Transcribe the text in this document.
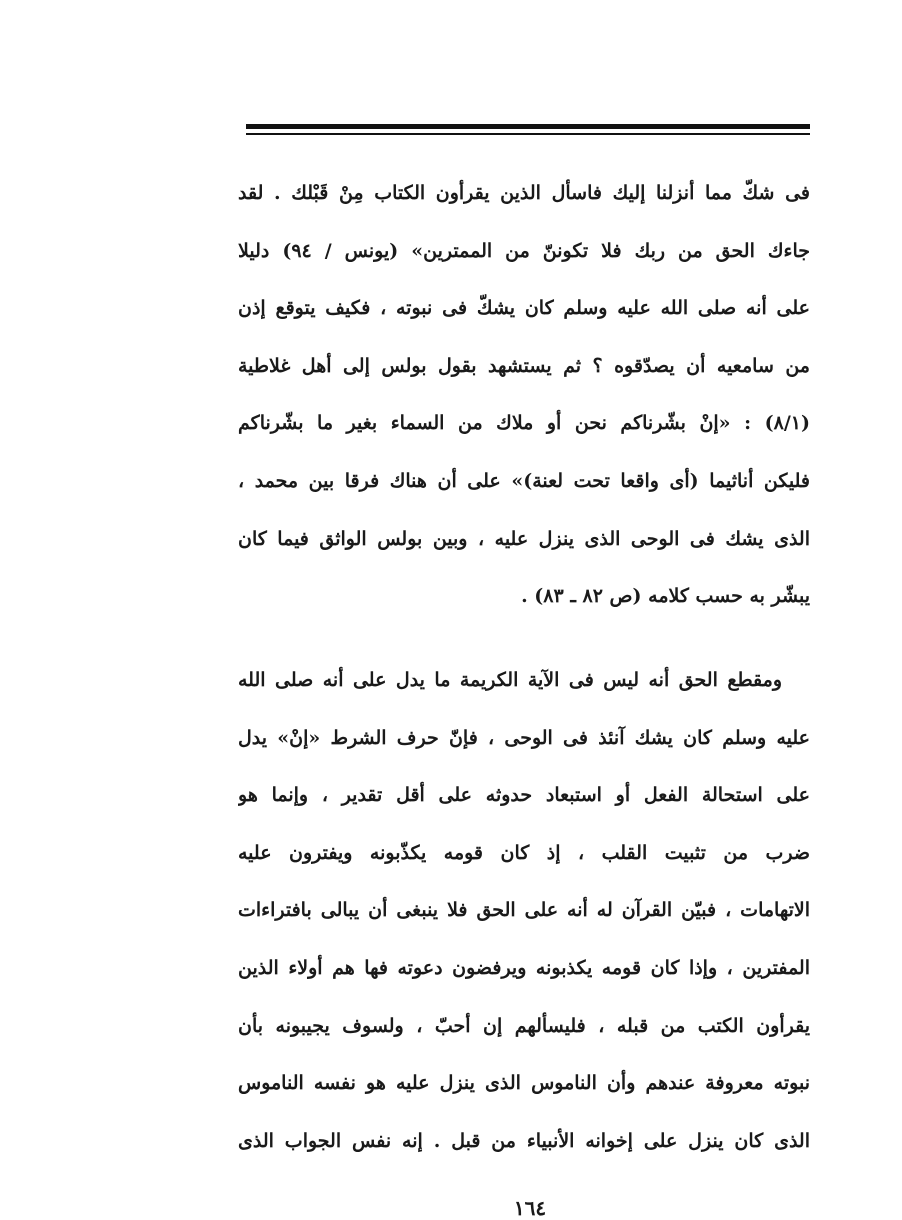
فى شكّ مما أنزلنا إليك فاسأل الذين يقرأون الكتاب مِنْ قَبْلك . لقد
جاءك الحق من ربك فلا تكوننّ من الممترين» (يونس / ٩٤) دليلا
على أنه صلى الله عليه وسلم كان يشكّ فى نبوته ، فكيف يتوقع إذن
من سامعيه أن يصدّقوه ؟ ثم يستشهد بقول بولس إلى أهل غلاطية
(٨/١) : «إنْ بشّرناكم نحن أو ملاك من السماء بغير ما بشّرناكم
فليكن أناثيما (أى واقعا تحت لعنة)» على أن هناك فرقا بين محمد ،
الذى يشك فى الوحى الذى ينزل عليه ، وبين بولس الواثق فيما كان
يبشّر به حسب كلامه (ص ٨٢ ـ ٨٣) .
ومقطع الحق أنه ليس فى الآية الكريمة ما يدل على أنه صلى الله
عليه وسلم كان يشك آنئذ فى الوحى ، فإنّ حرف الشرط «إنْ» يدل
على استحالة الفعل أو استبعاد حدوثه على أقل تقدير ، وإنما هو
ضرب من تثبيت القلب ، إذ كان قومه يكذّبونه ويفترون عليه
الاتهامات ، فبيّن القرآن له أنه على الحق فلا ينبغى أن يبالى بافتراءات
المفترين ، وإذا كان قومه يكذبونه ويرفضون دعوته فها هم أولاء الذين
يقرأون الكتب من قبله ، فليسألهم إن أحبّ ، ولسوف يجيبونه بأن
نبوته معروفة عندهم وأن الناموس الذى ينزل عليه هو نفسه الناموس
الذى كان ينزل على إخوانه الأنبياء من قبل . إنه نفس الجواب الذى
١٦٤
